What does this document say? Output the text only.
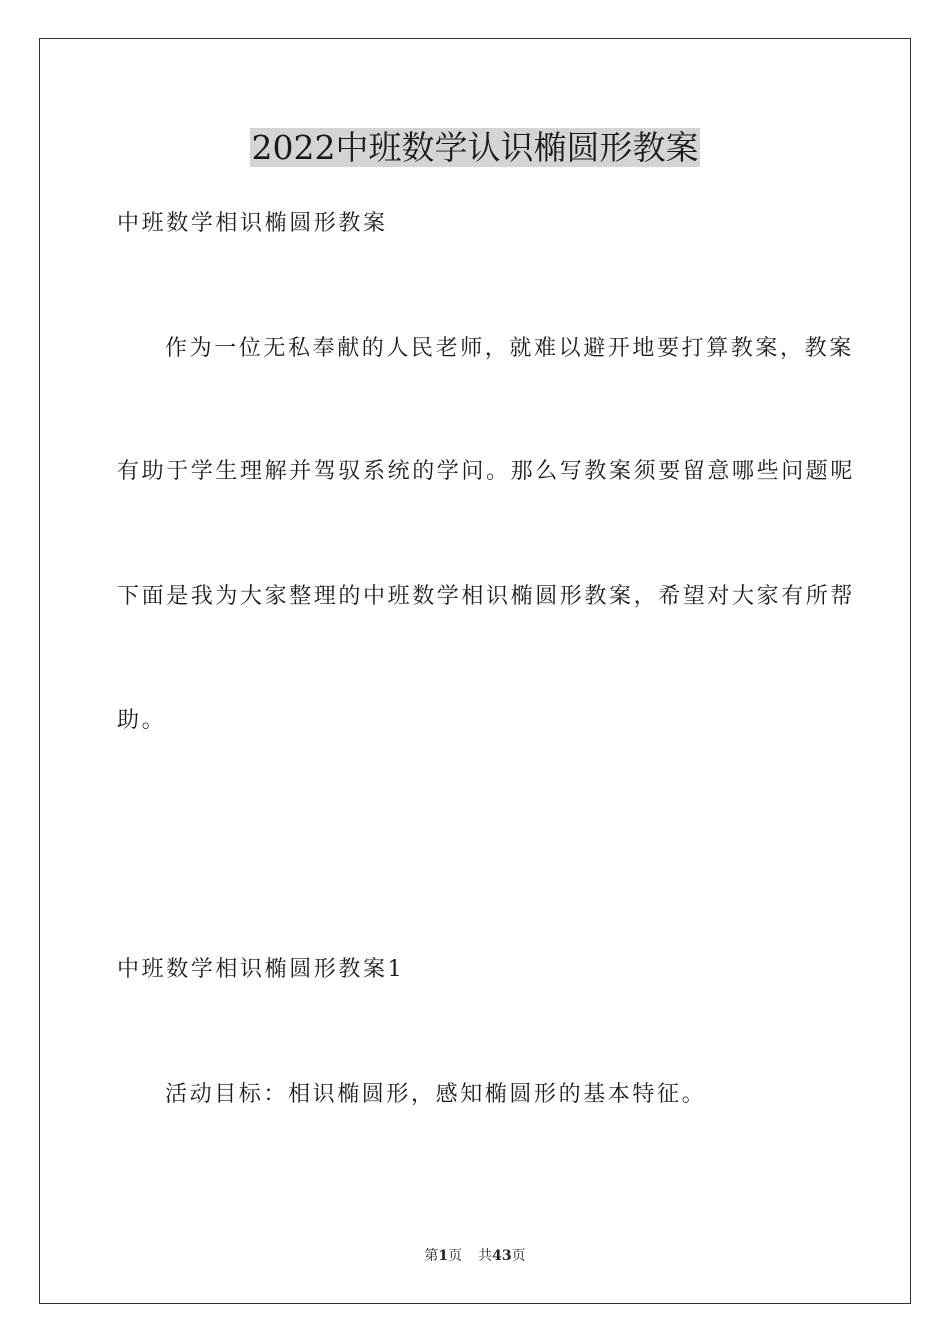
2022中班数学认识椭圆形教案

中班数学相识椭圆形教案

作为一位无私奉献的人民老师，就难以避开地要打算教案，教案

有助于学生理解并驾驭系统的学问。那么写教案须要留意哪些问题呢

下面是我为大家整理的中班数学相识椭圆形教案，希望对大家有所帮

助。

中班数学相识椭圆形教案1

活动目标：相识椭圆形，感知椭圆形的基本特征。

第1页 共43页
